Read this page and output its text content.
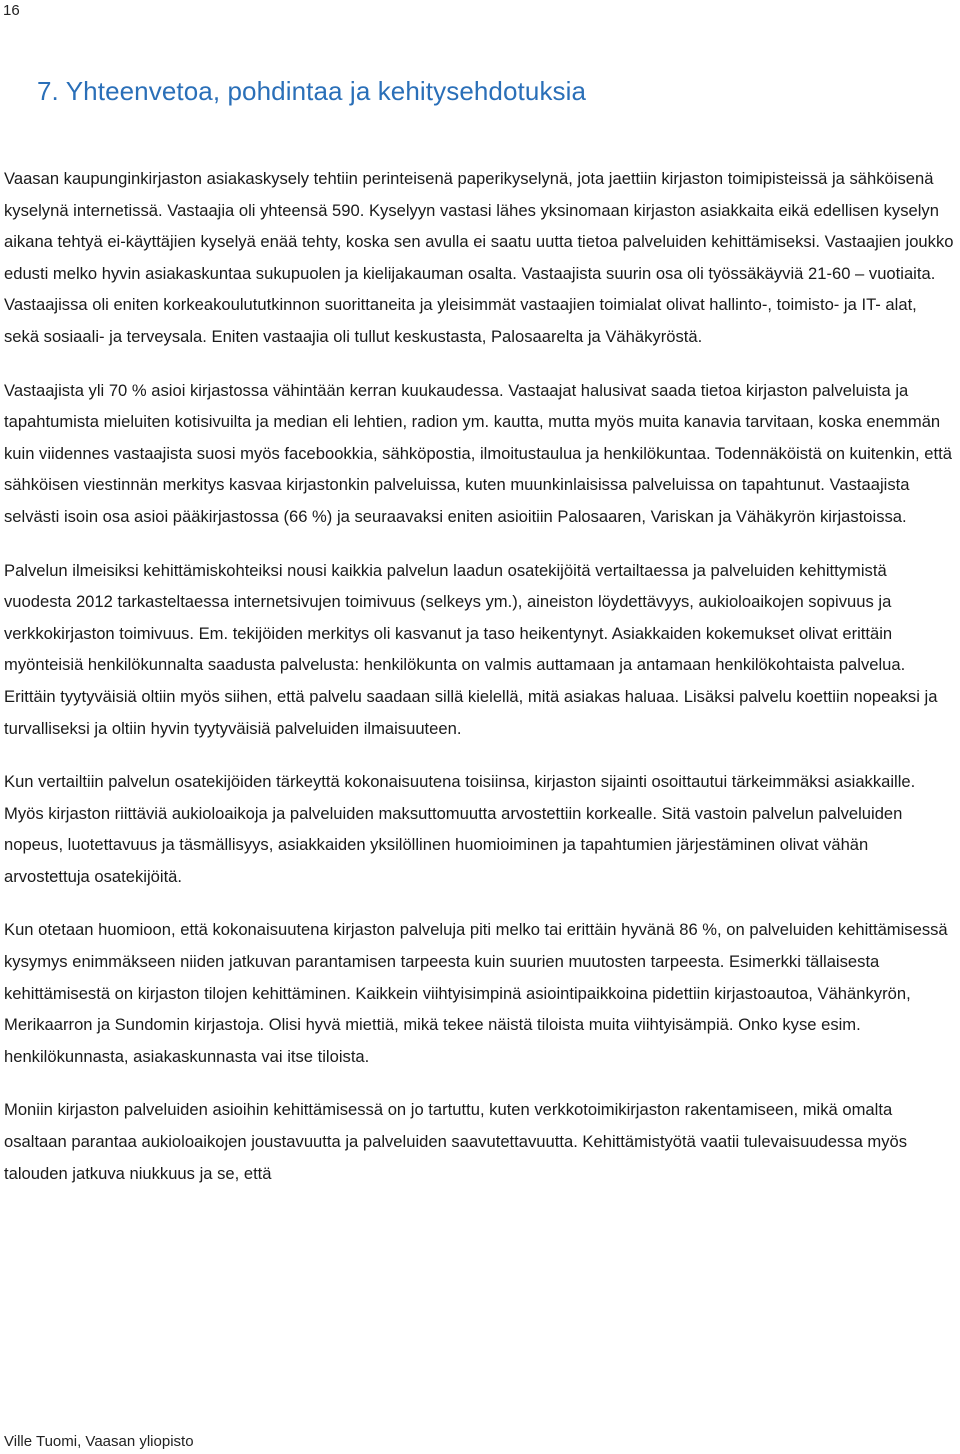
16
7. Yhteenvetoa, pohdintaa ja kehitysehdotuksia

Vaasan kaupunginkirjaston asiakaskysely tehtiin perinteisenä paperikyselynä, jota jaettiin kirjaston toimipisteissä ja sähköisenä kyselynä internetissä. Vastaajia oli yhteensä 590. Kyselyyn vastasi lähes yksinomaan kirjaston asiakkaita eikä edellisen kyselyn aikana tehtyä ei-käyttäjien kyselyä enää tehty, koska sen avulla ei saatu uutta tietoa palveluiden kehittämiseksi. Vastaajien joukko edusti melko hyvin asiakaskuntaa sukupuolen ja kielijakauman osalta. Vastaajista suurin osa oli työssäkäyviä 21-60 – vuotiaita. Vastaajissa oli eniten korkeakoulututkinnon suorittaneita ja yleisimmät vastaajien toimialat olivat hallinto-, toimisto- ja IT- alat, sekä sosiaali- ja terveysala. Eniten vastaajia oli tullut keskustasta, Palosaarelta ja Vähäkyröstä.

Vastaajista yli 70 % asioi kirjastossa vähintään kerran kuukaudessa. Vastaajat halusivat saada tietoa kirjaston palveluista ja tapahtumista mieluiten kotisivuilta ja median eli lehtien, radion ym. kautta, mutta myös muita kanavia tarvitaan, koska enemmän kuin viidennes vastaajista suosi myös facebookkia, sähköpostia, ilmoitustaulua ja henkilökuntaa. Todennäköistä on kuitenkin, että sähköisen viestinnän merkitys kasvaa kirjastonkin palveluissa, kuten muunkinlaisissa palveluissa on tapahtunut. Vastaajista selvästi isoin osa asioi pääkirjastossa (66 %) ja seuraavaksi eniten asioitiin Palosaaren, Variskan ja Vähäkyrön kirjastoissa.

Palvelun ilmeisiksi kehittämiskohteiksi nousi kaikkia palvelun laadun osatekijöitä vertailtaessa ja palveluiden kehittymistä vuodesta 2012 tarkasteltaessa internetsivujen toimivuus (selkeys ym.), aineiston löydettävyys, aukioloaikojen sopivuus ja verkkokirjaston toimivuus. Em. tekijöiden merkitys oli kasvanut ja taso heikentynyt. Asiakkaiden kokemukset olivat erittäin myönteisiä henkilökunnalta saadusta palvelusta: henkilökunta on valmis auttamaan ja antamaan henkilökohtaista palvelua. Erittäin tyytyväisiä oltiin myös siihen, että palvelu saadaan sillä kielellä, mitä asiakas haluaa. Lisäksi palvelu koettiin nopeaksi ja turvalliseksi ja oltiin hyvin tyytyväisiä palveluiden ilmaisuuteen.

Kun vertailtiin palvelun osatekijöiden tärkeyttä kokonaisuutena toisiinsa, kirjaston sijainti osoittautui tärkeimmäksi asiakkaille. Myös kirjaston riittäviä aukioloaikoja ja palveluiden maksuttomuutta arvostettiin korkealle. Sitä vastoin palvelun palveluiden nopeus, luotettavuus ja täsmällisyys, asiakkaiden yksilöllinen huomioiminen ja tapahtumien järjestäminen olivat vähän arvostettuja osatekijöitä.

Kun otetaan huomioon, että kokonaisuutena kirjaston palveluja piti melko tai erittäin hyvänä 86 %, on palveluiden kehittämisessä kysymys enimmäkseen niiden jatkuvan parantamisen tarpeesta kuin suurien muutosten tarpeesta. Esimerkki tällaisesta kehittämisestä on kirjaston tilojen kehittäminen. Kaikkein viihtyisimpinä asiointipaikkoina pidettiin kirjastoautoa, Vähänkyrön, Merikaarron ja Sundomin kirjastoja. Olisi hyvä miettiä, mikä tekee näistä tiloista muita viihtyisämpiä. Onko kyse esim. henkilökunnasta, asiakaskunnasta vai itse tiloista.

Moniin kirjaston palveluiden asioihin kehittämisessä on jo tartuttu, kuten verkkotoimikirjaston rakentamiseen, mikä omalta osaltaan parantaa aukioloaikojen joustavuutta ja palveluiden saavutettavuutta. Kehittämistyötä vaatii tulevaisuudessa myös talouden jatkuva niukkuus ja se, että

Ville Tuomi, Vaasan yliopisto
